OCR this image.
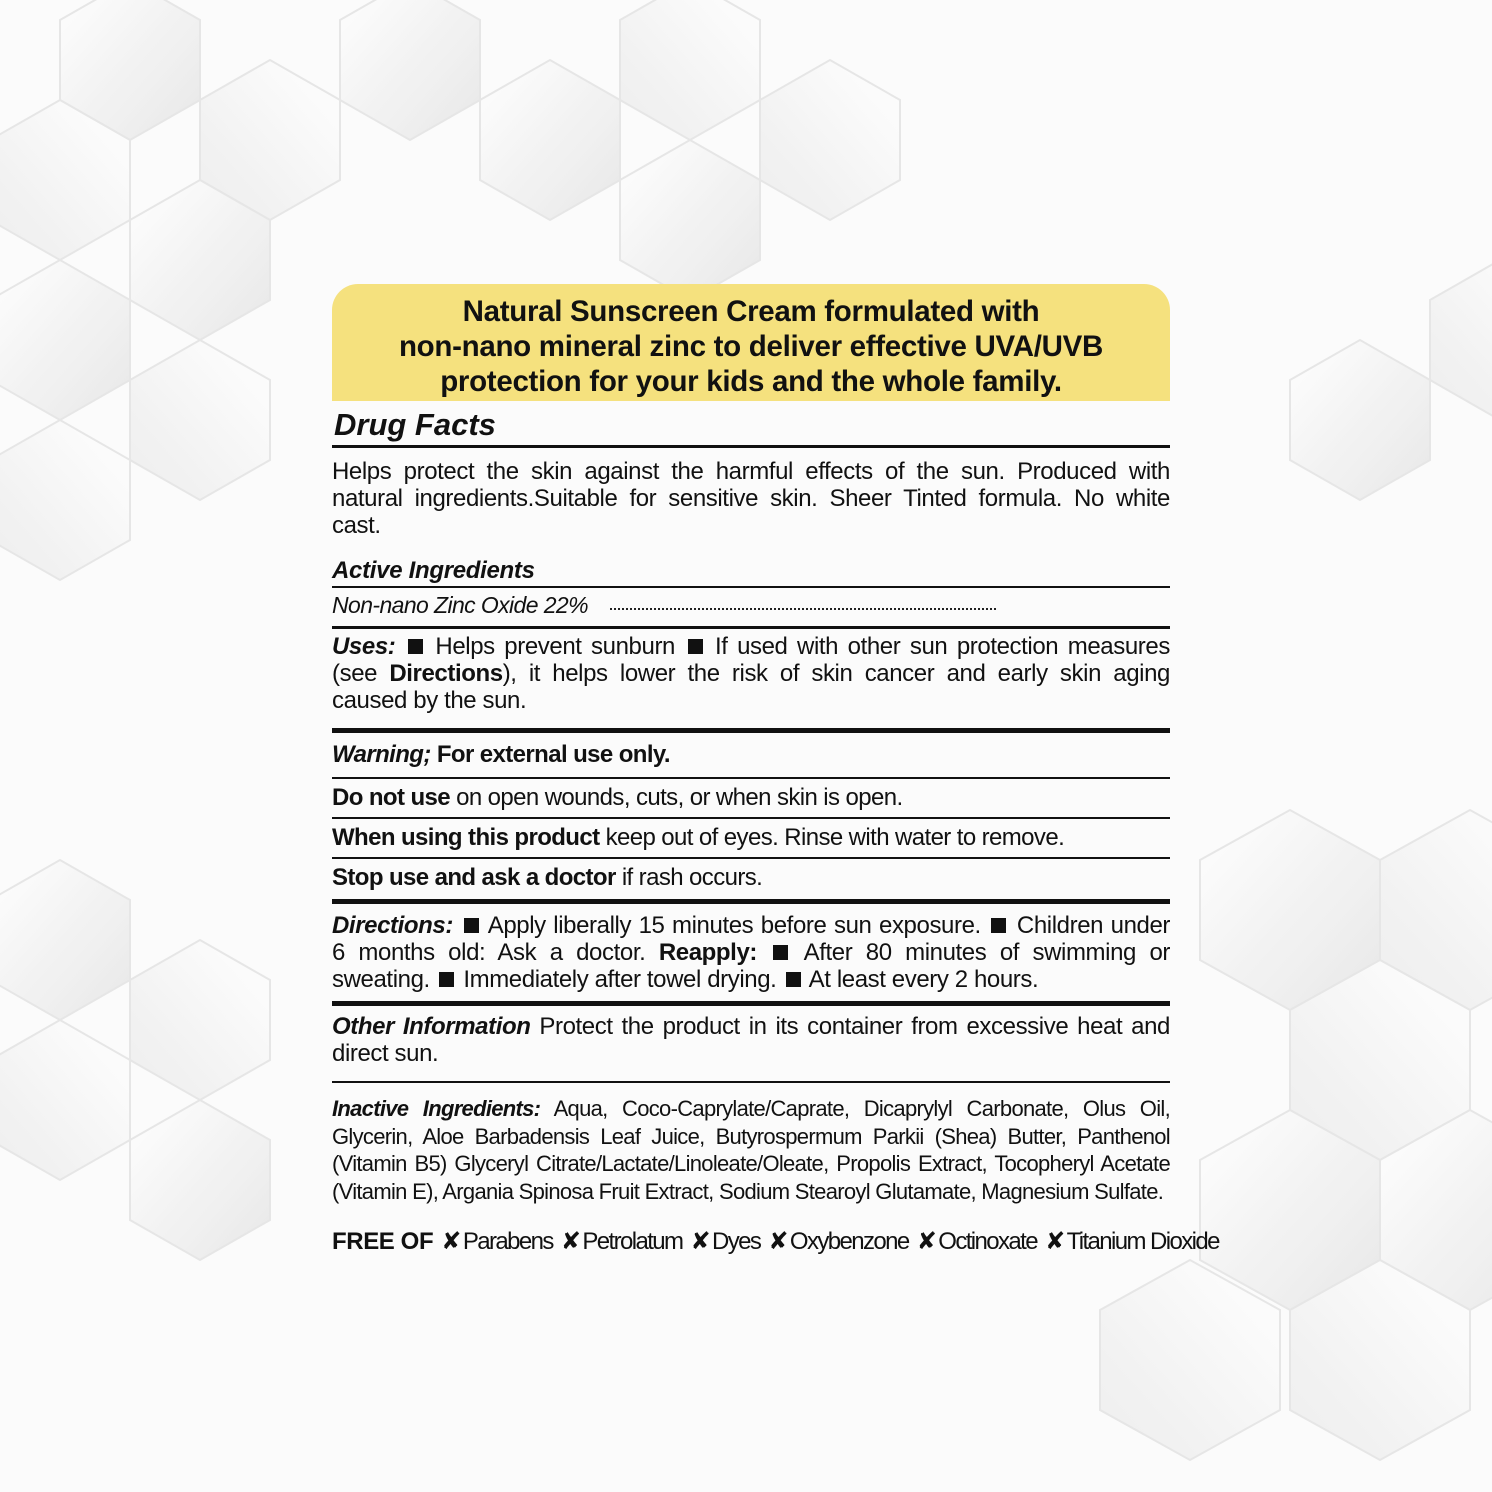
Natural Sunscreen Cream formulated with
non-nano mineral zinc to deliver effective UVA/UVB
protection for your kids and the whole family.
Drug Facts
Helps protect the skin against the harmful effects of the sun. Produced with natural ingredients.Suitable for sensitive skin. Sheer Tinted formula. No white cast.
Active Ingredients
Non-nano Zinc Oxide 22%
Uses: Helps prevent sunburn If used with other sun protection measures (see Directions), it helps lower the risk of skin cancer and early skin aging caused by the sun.
Warning; For external use only.
Do not use on open wounds, cuts, or when skin is open.
When using this product keep out of eyes. Rinse with water to remove.
Stop use and ask a doctor if rash occurs.
Directions: Apply liberally 15 minutes before sun exposure. Children under 6 months old: Ask a doctor. Reapply: After 80 minutes of swimming or sweating. Immediately after towel drying. At least every 2 hours.
Other Information Protect the product in its container from excessive heat and direct sun.
Inactive Ingredients: Aqua, Coco-Caprylate/Caprate, Dicaprylyl Carbonate, Olus Oil, Glycerin, Aloe Barbadensis Leaf Juice, Butyrospermum Parkii (Shea) Butter, Panthenol (Vitamin B5) Glyceryl Citrate/Lactate/Linoleate/Oleate, Propolis Extract, Tocopheryl Acetate (Vitamin E), Argania Spinosa Fruit Extract, Sodium Stearoyl Glutamate, Magnesium Sulfate.
FREE OF ✘ Parabens ✘ Petrolatum ✘ Dyes ✘ Oxybenzone ✘ Octinoxate ✘ Titanium Dioxide
